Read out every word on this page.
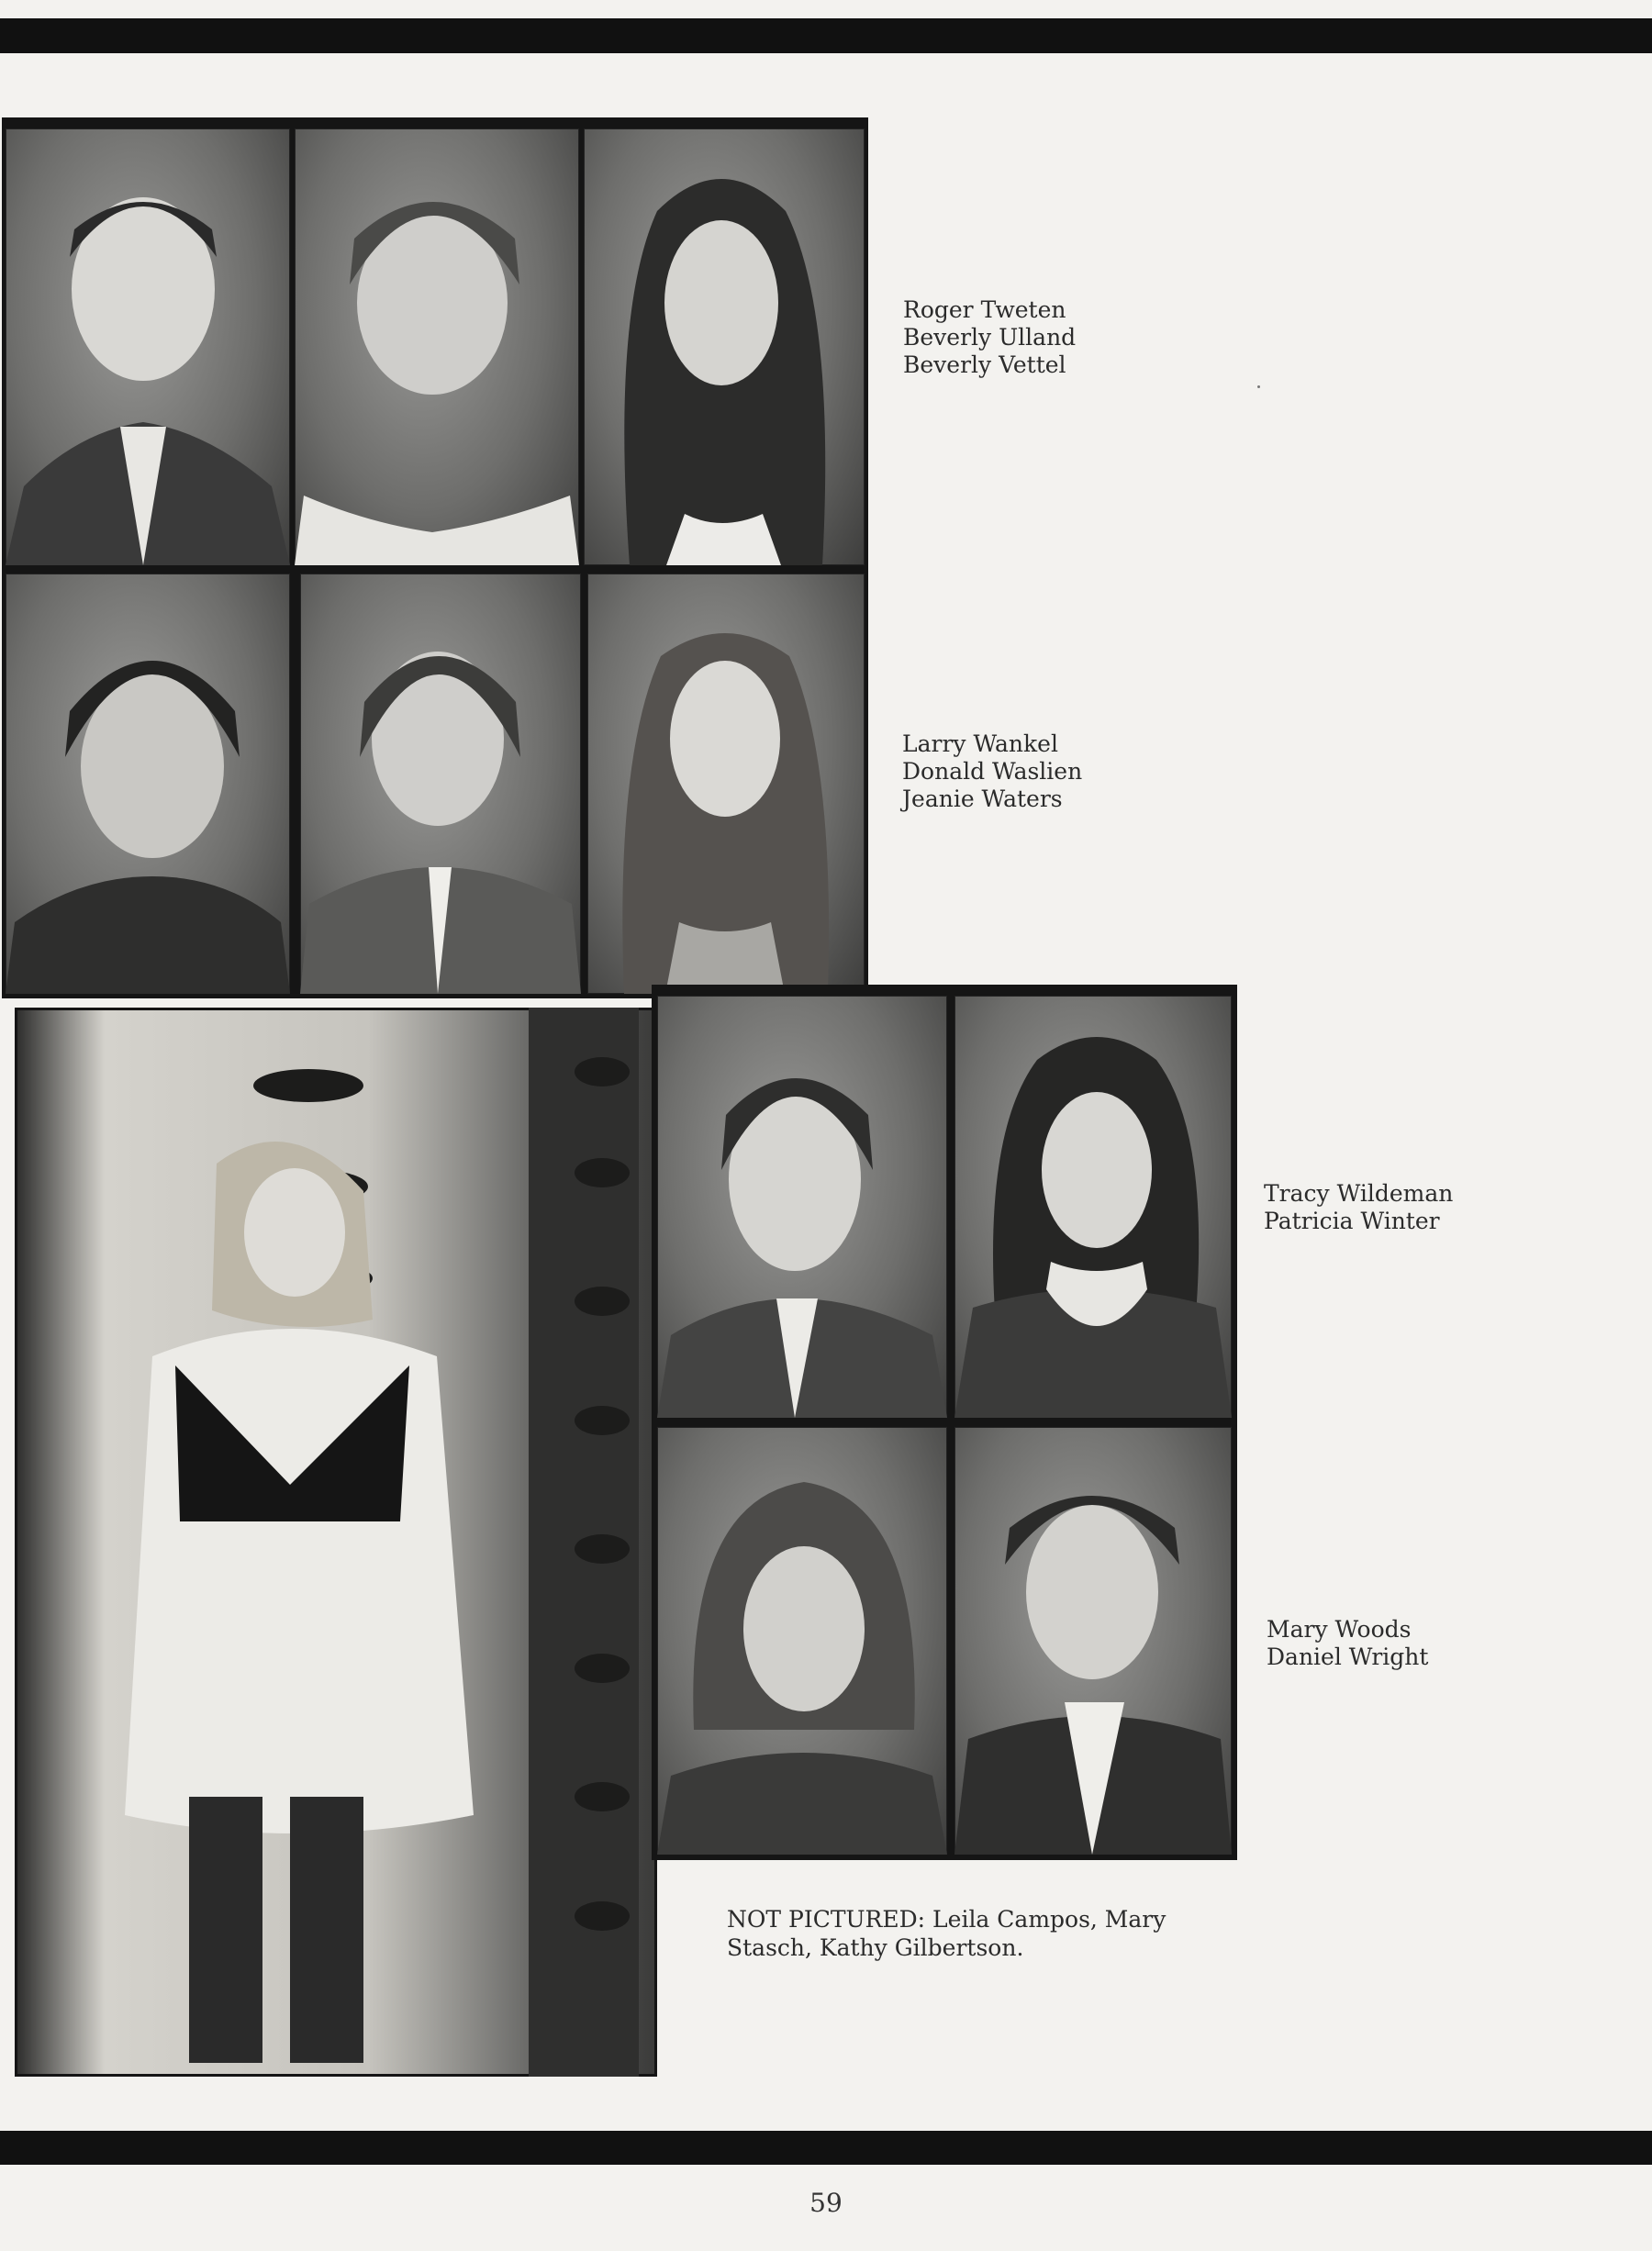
Roger Tweten
Beverly Ulland
Beverly Vettel
Larry Wankel
Donald Waslien
Jeanie Waters
Tracy Wildeman
Patricia Winter
Mary Woods
Daniel Wright
NOT PICTURED: Leila Campos, Mary Stasch, Kathy Gilbertson.
59
